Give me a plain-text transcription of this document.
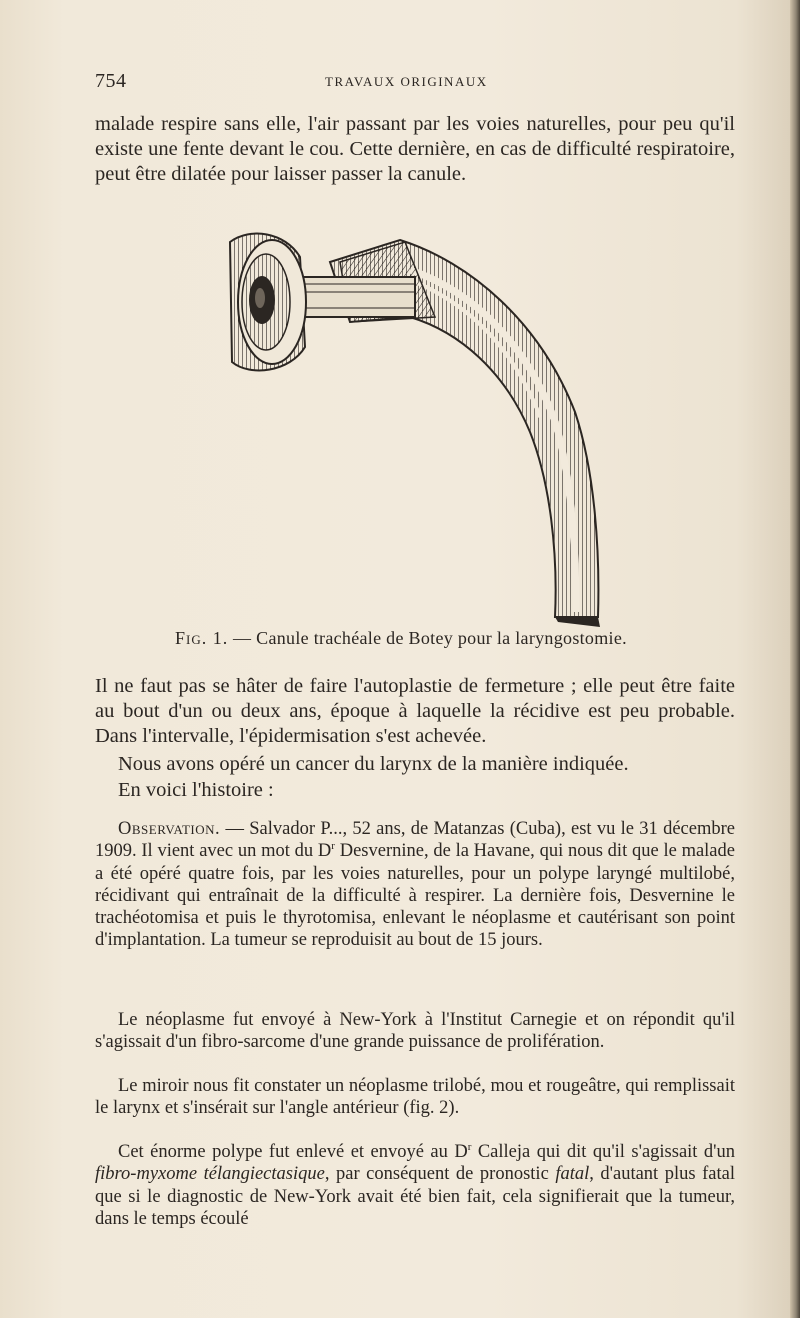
754	TRAVAUX ORIGINAUX

malade respire sans elle, l'air passant par les voies naturelles, pour peu qu'il existe une fente devant le cou. Cette dernière, en cas de difficulté respiratoire, peut être dilatée pour laisser passer la canule.

Fig. 1. — Canule trachéale de Botey pour la laryngostomie.

Il ne faut pas se hâter de faire l'autoplastie de fermeture ; elle peut être faite au bout d'un ou deux ans, époque à laquelle la récidive est peu probable. Dans l'intervalle, l'épidermisation s'est achevée.

Nous avons opéré un cancer du larynx de la manière indiquée.

En voici l'histoire :

Observation. — Salvador P..., 52 ans, de Matanzas (Cuba), est vu le 31 décembre 1909. Il vient avec un mot du $D^r$ Desvernine, de la Havane, qui nous dit que le malade a été opéré quatre fois, par les voies naturelles, pour un polype laryngé multilobé, récidivant qui entraînait de la difficulté à respirer. La dernière fois, Desvernine le trachéotomisa et puis le thyrotomisa, enlevant le néoplasme et cautérisant son point d'implantation. La tumeur se reproduisit au bout de 15 jours.

Le néoplasme fut envoyé à New-York à l'Institut Carnegie et on répondit qu'il s'agissait d'un fibro-sarcome d'une grande puissance de prolifération.

Le miroir nous fit constater un néoplasme trilobé, mou et rougeâtre, qui remplissait le larynx et s'insérait sur l'angle antérieur (fig. 2).

Cet énorme polype fut enlevé et envoyé au $D^r$ Calleja qui dit qu'il s'agissait d'un fibro-myxome télangiectasique, par conséquent de pronostic fatal, d'autant plus fatal que si le diagnostic de New-York avait été bien fait, cela signifierait que la tumeur, dans le temps écoulé
